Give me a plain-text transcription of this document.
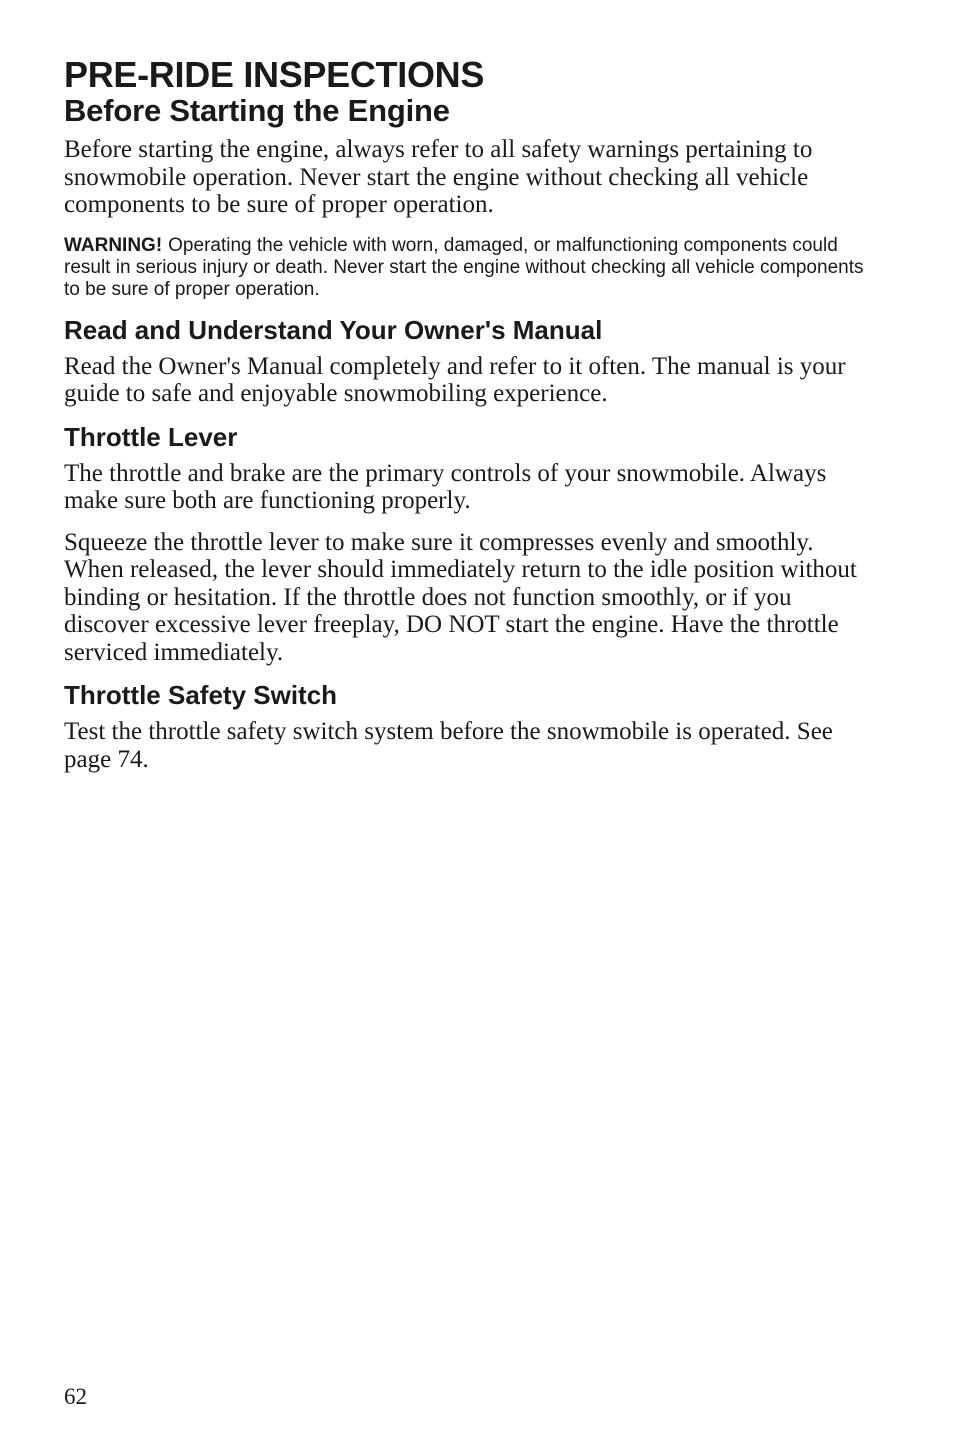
PRE-RIDE INSPECTIONS
Before Starting the Engine

Before starting the engine, always refer to all safety warnings pertaining to snowmobile operation. Never start the engine without checking all vehicle components to be sure of proper operation.

WARNING! Operating the vehicle with worn, damaged, or malfunctioning components could result in serious injury or death. Never start the engine without checking all vehicle components to be sure of proper operation.

Read and Understand Your Owner's Manual

Read the Owner's Manual completely and refer to it often. The manual is your guide to safe and enjoyable snowmobiling experience.

Throttle Lever

The throttle and brake are the primary controls of your snowmobile. Always make sure both are functioning properly.

Squeeze the throttle lever to make sure it compresses evenly and smoothly. When released, the lever should immediately return to the idle position without binding or hesitation. If the throttle does not function smoothly, or if you discover excessive lever freeplay, DO NOT start the engine. Have the throttle serviced immediately.

Throttle Safety Switch

Test the throttle safety switch system before the snowmobile is operated. See page 74.

62
